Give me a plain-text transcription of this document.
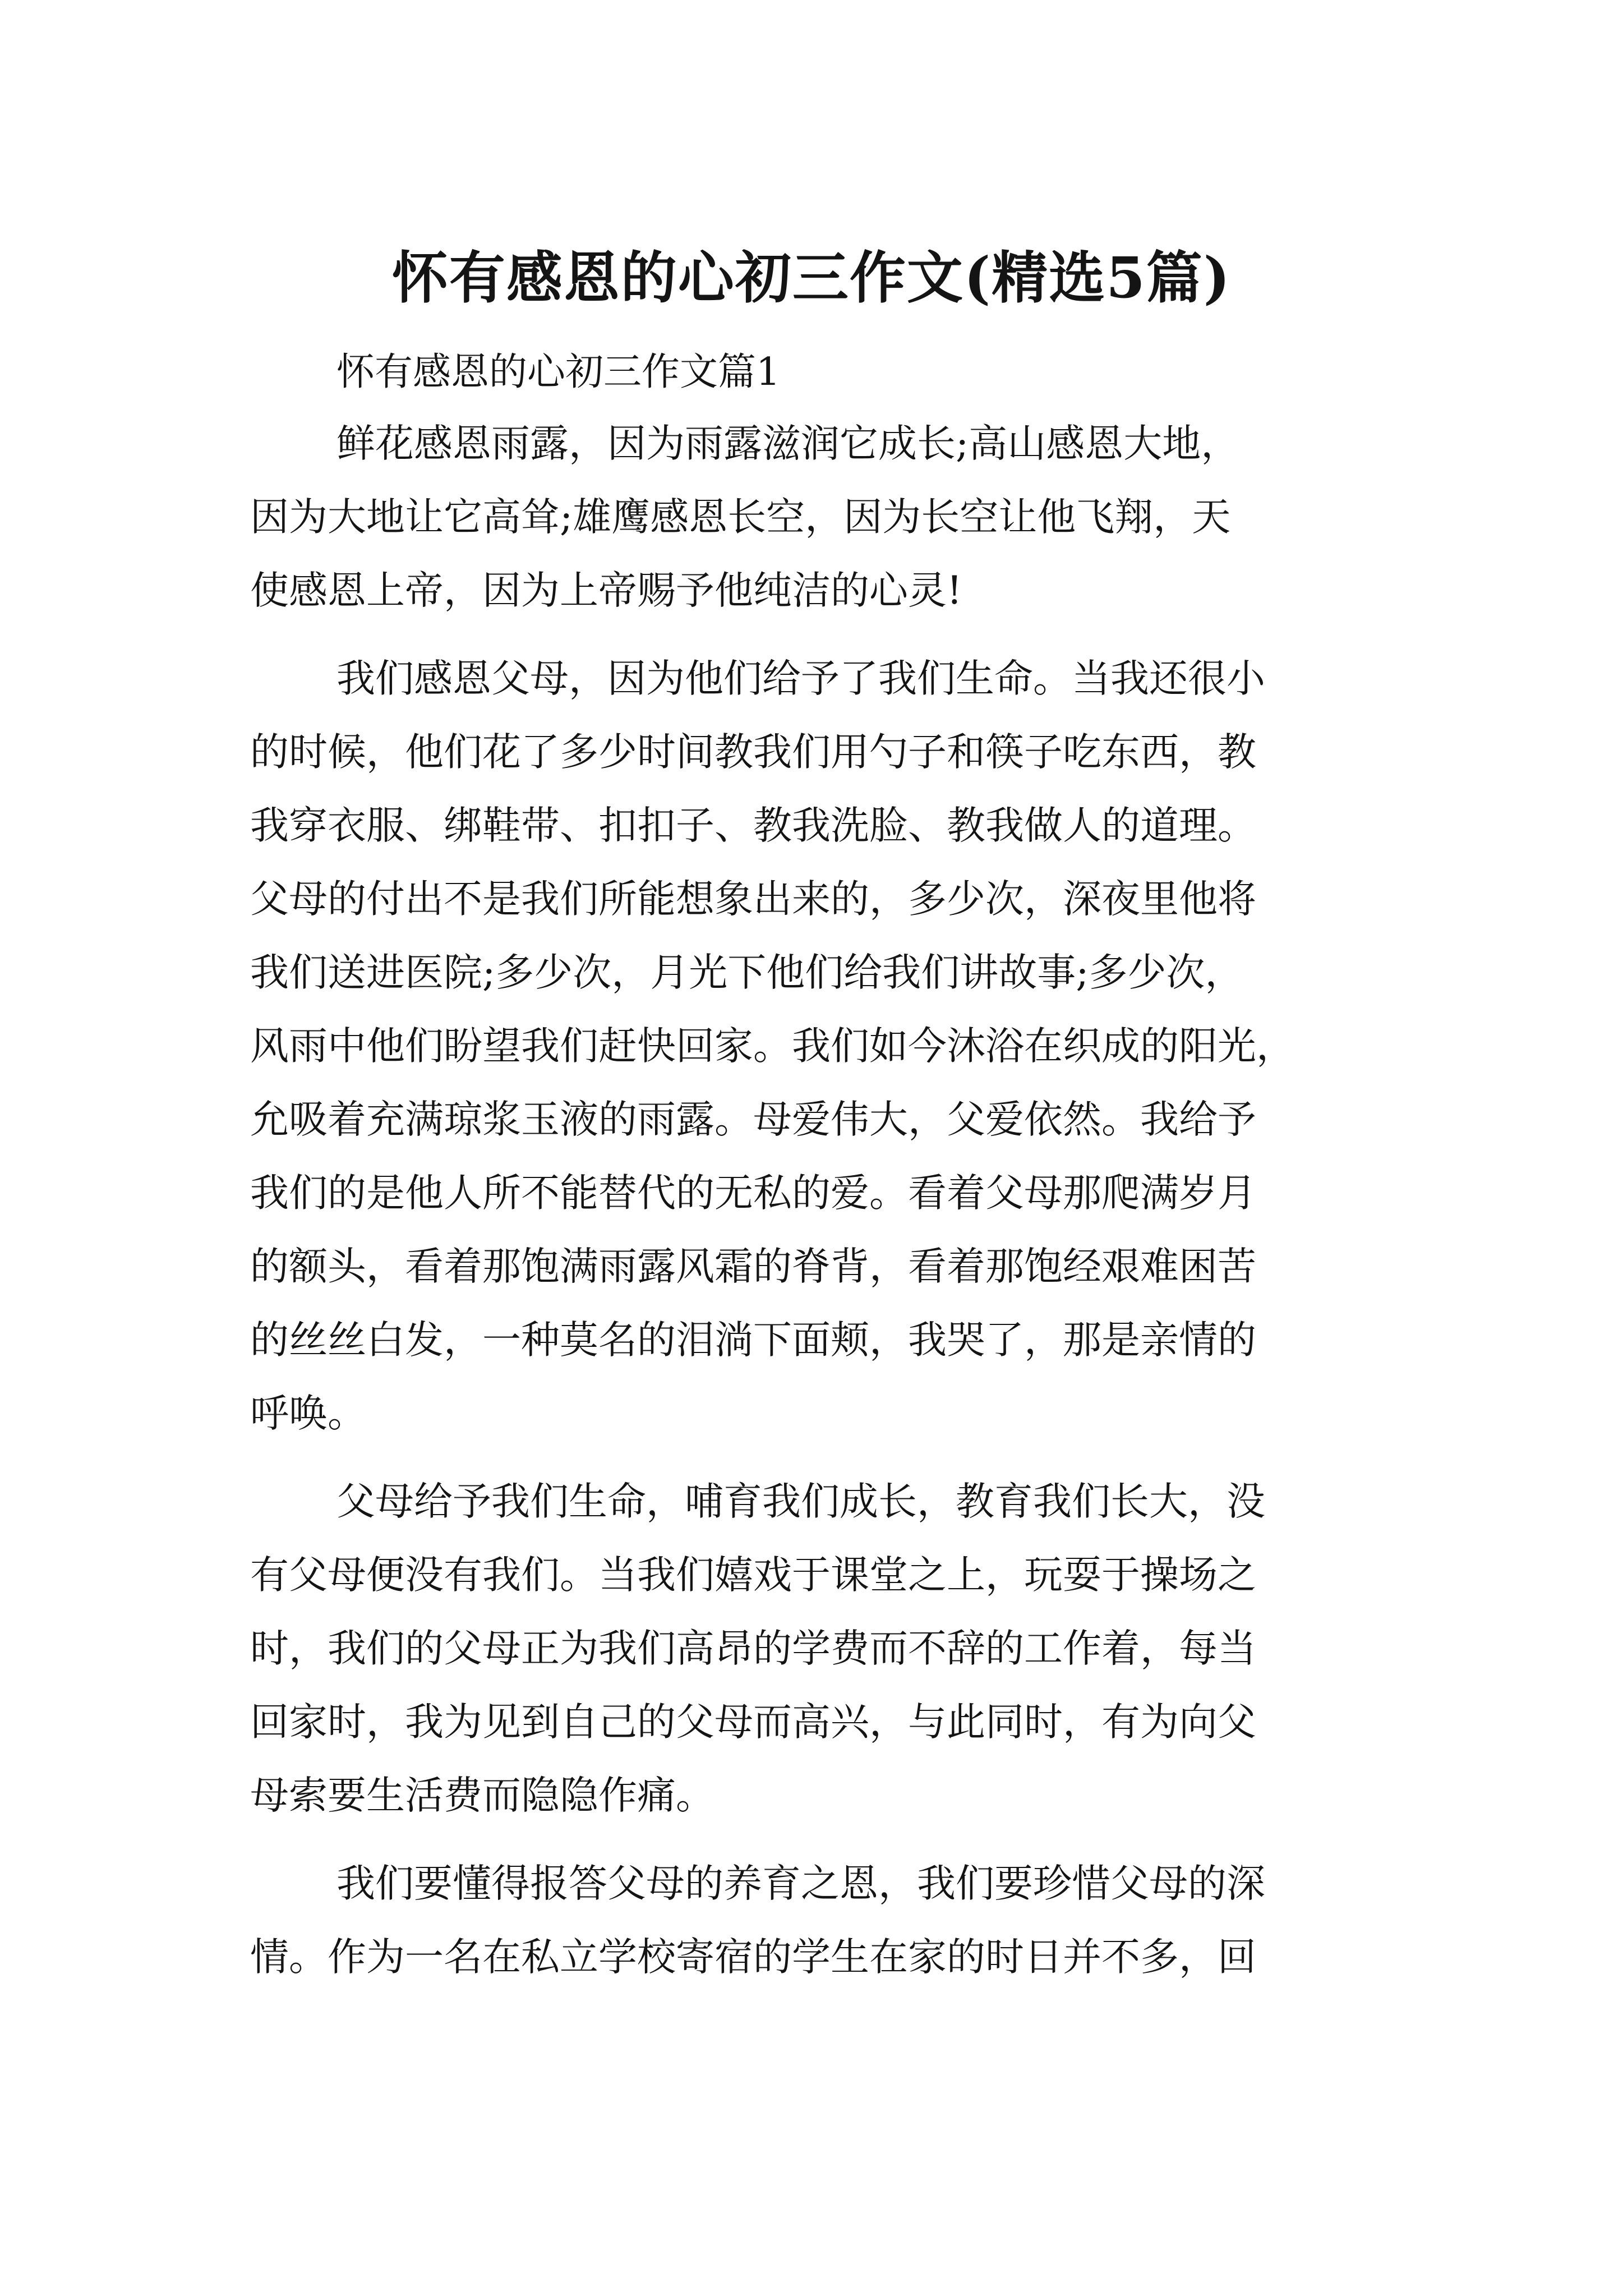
怀有感恩的心初三作文(精选5篇)

怀有感恩的心初三作文篇1

鲜花感恩雨露，因为雨露滋润它成长;高山感恩大地，
因为大地让它高耸;雄鹰感恩长空，因为长空让他飞翔，天
使感恩上帝，因为上帝赐予他纯洁的心灵!
我们感恩父母，因为他们给予了我们生命。当我还很小
的时候，他们花了多少时间教我们用勺子和筷子吃东西，教
我穿衣服、绑鞋带、扣扣子、教我洗脸、教我做人的道理。
父母的付出不是我们所能想象出来的，多少次，深夜里他将
我们送进医院;多少次，月光下他们给我们讲故事;多少次，
风雨中他们盼望我们赶快回家。我们如今沐浴在织成的阳光，
允吸着充满琼浆玉液的雨露。母爱伟大，父爱依然。我给予
我们的是他人所不能替代的无私的爱。看着父母那爬满岁月
的额头，看着那饱满雨露风霜的脊背，看着那饱经艰难困苦
的丝丝白发，一种莫名的泪淌下面颊，我哭了，那是亲情的
呼唤。
父母给予我们生命，哺育我们成长，教育我们长大，没
有父母便没有我们。当我们嬉戏于课堂之上，玩耍于操场之
时，我们的父母正为我们高昂的学费而不辞的工作着，每当
回家时，我为见到自己的父母而高兴，与此同时，有为向父
母索要生活费而隐隐作痛。
我们要懂得报答父母的养育之恩，我们要珍惜父母的深
情。作为一名在私立学校寄宿的学生在家的时日并不多，回
